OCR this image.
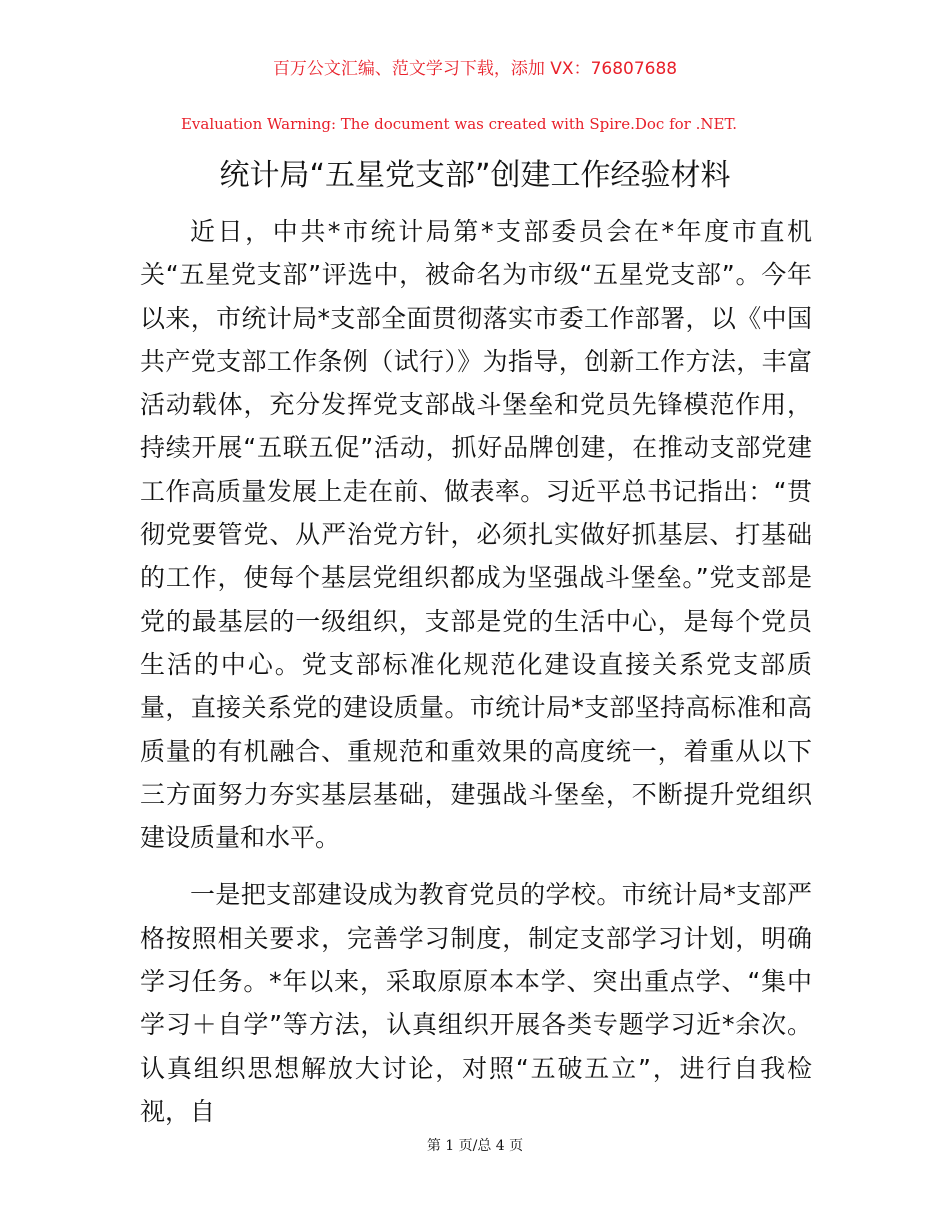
百万公文汇编、范文学习下载，添加 VX：76807688
Evaluation Warning: The document was created with Spire.Doc for .NET.
统计局“五星党支部”创建工作经验材料

近日，中共*市统计局第*支部委员会在*年度市直机关“五星党支部”评选中，被命名为市级“五星党支部”。今年以来，市统计局*支部全面贯彻落实市委工作部署，以《中国共产党支部工作条例（试行）》为指导，创新工作方法，丰富活动载体，充分发挥党支部战斗堡垒和党员先锋模范作用，持续开展“五联五促”活动，抓好品牌创建，在推动支部党建工作高质量发展上走在前、做表率。习近平总书记指出：“贯彻党要管党、从严治党方针，必须扎实做好抓基层、打基础的工作，使每个基层党组织都成为坚强战斗堡垒。”党支部是党的最基层的一级组织，支部是党的生活中心，是每个党员生活的中心。党支部标准化规范化建设直接关系党支部质量，直接关系党的建设质量。市统计局*支部坚持高标准和高质量的有机融合、重规范和重效果的高度统一，着重从以下三方面努力夯实基层基础，建强战斗堡垒，不断提升党组织建设质量和水平。

一是把支部建设成为教育党员的学校。市统计局*支部严格按照相关要求，完善学习制度，制定支部学习计划，明确学习任务。*年以来，采取原原本本学、突出重点学、“集中学习＋自学”等方法，认真组织开展各类专题学习近*余次。认真组织思想解放大讨论，对照“五破五立”，进行自我检视，自

第 1 页/总 4 页
